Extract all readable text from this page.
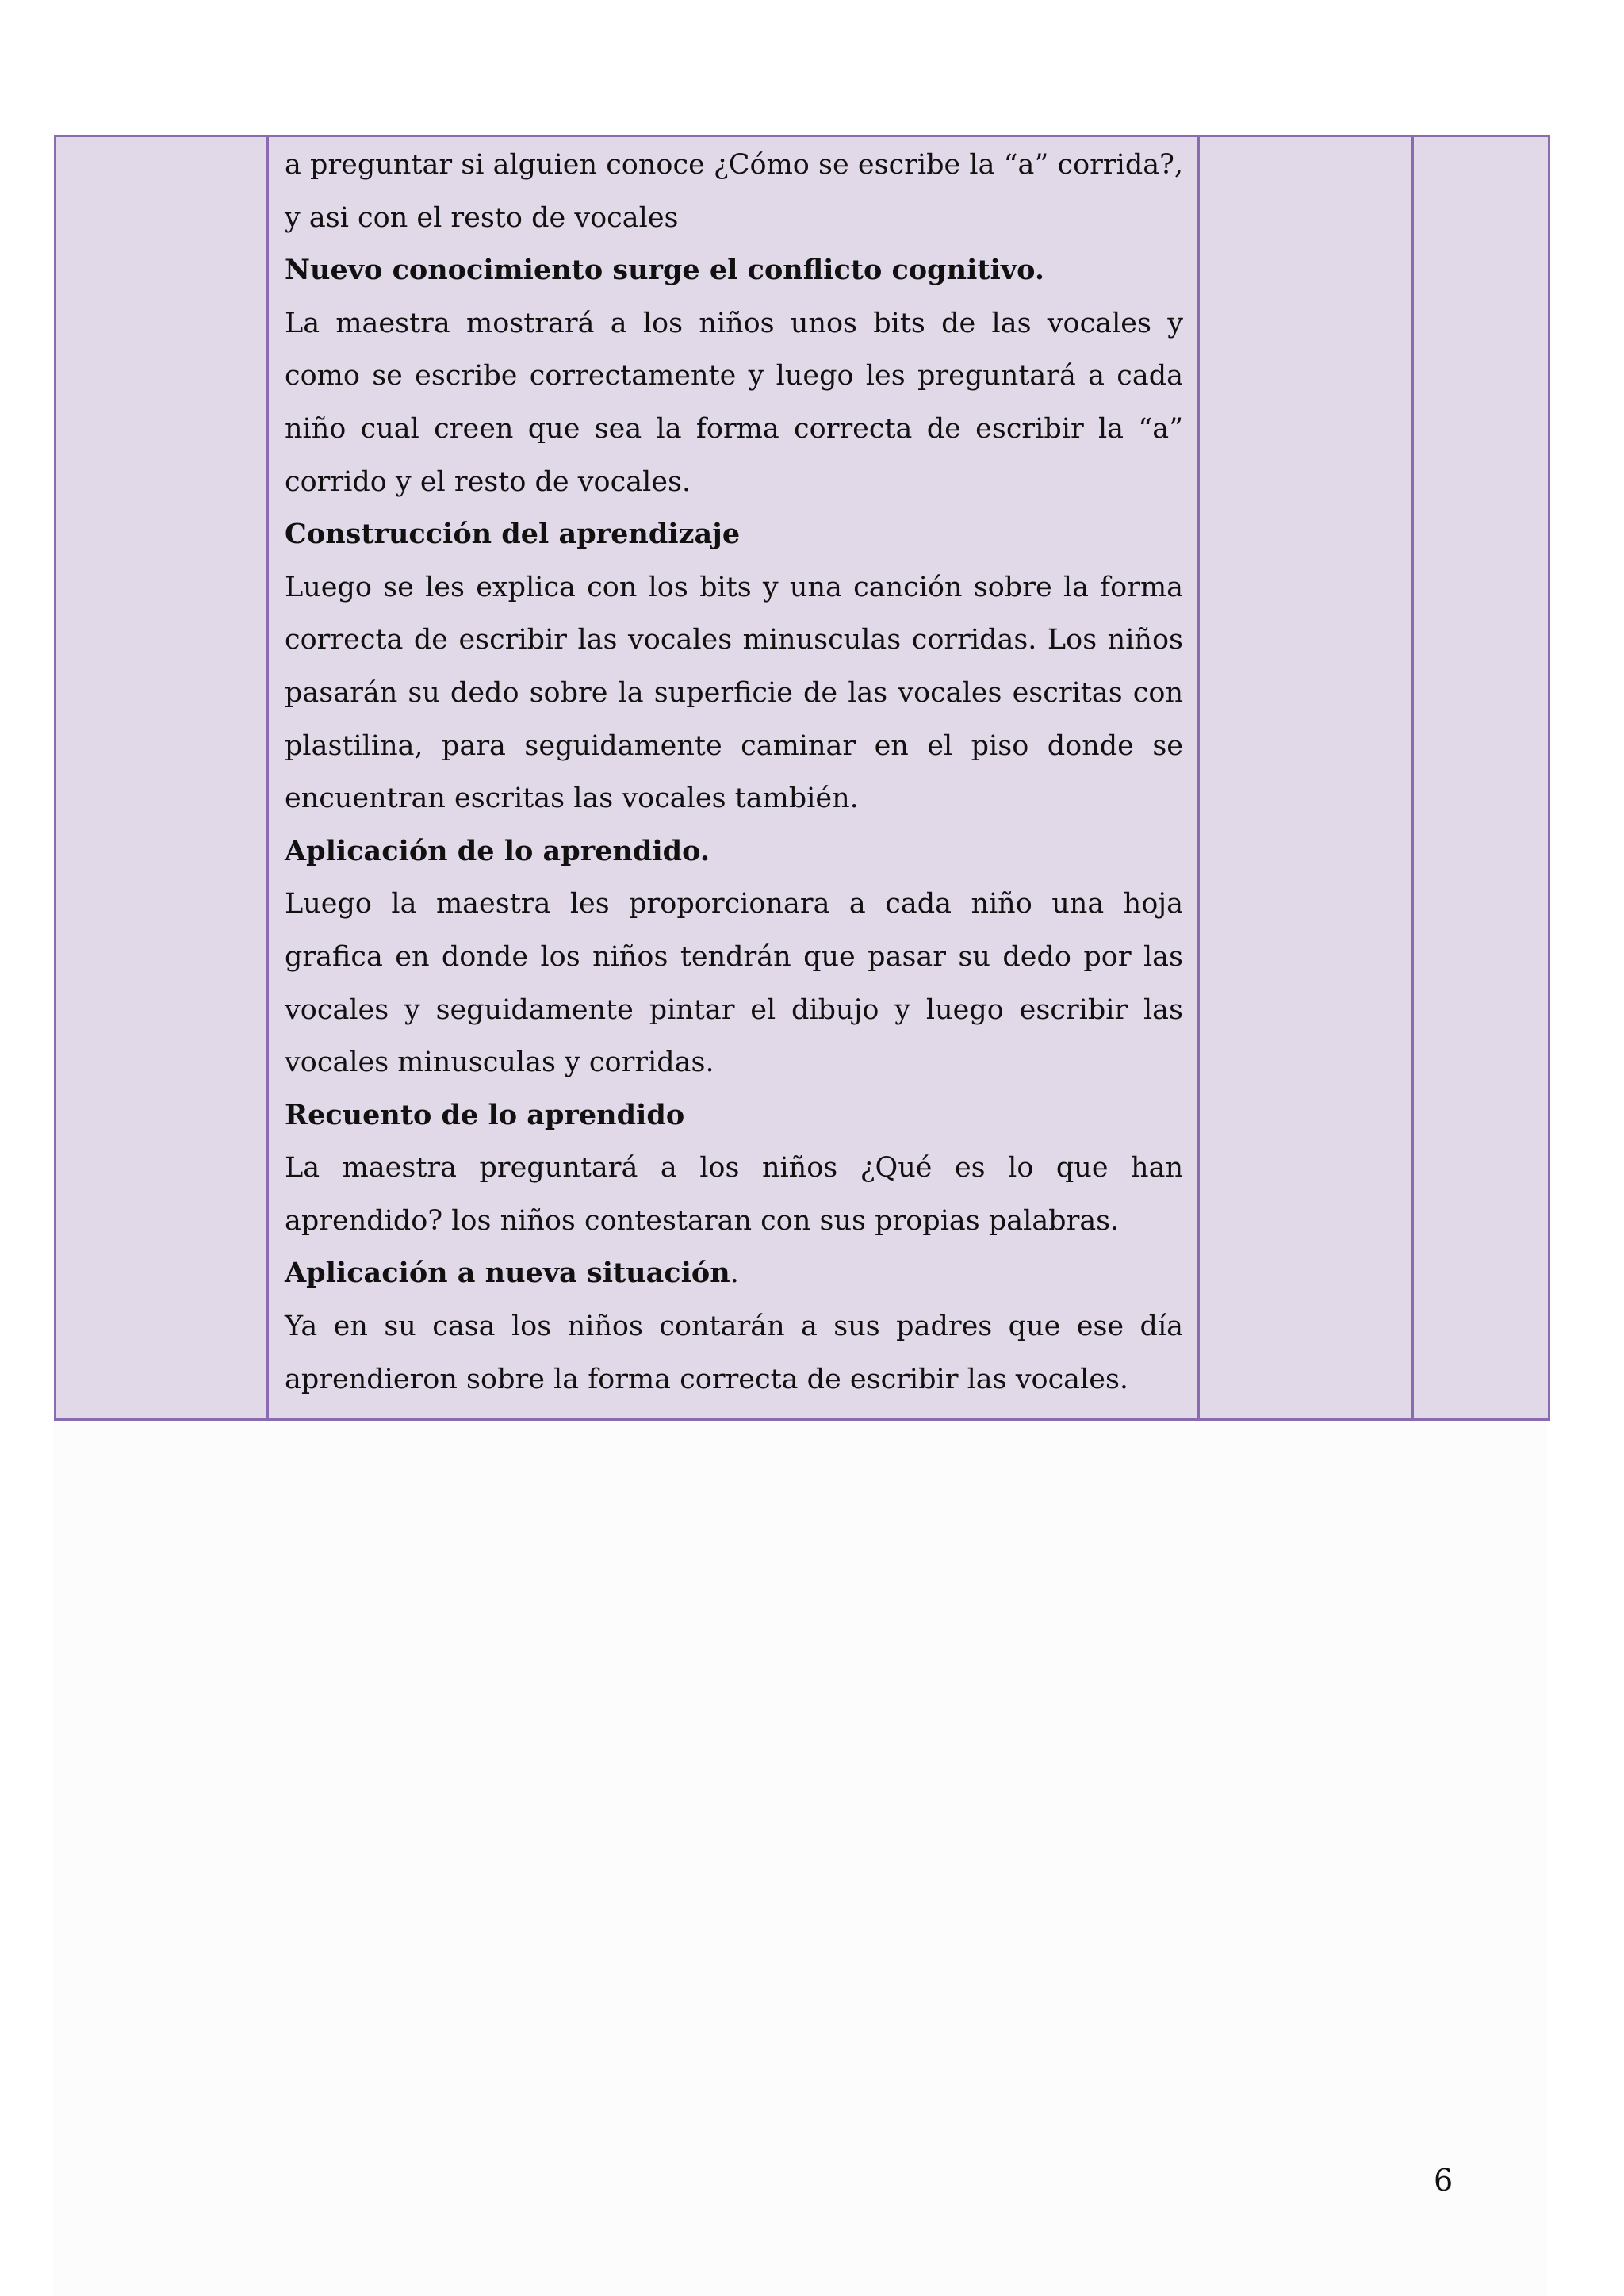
a preguntar si alguien conoce ¿Cómo se escribe la “a” corrida?, y asi con el resto de vocales

Nuevo conocimiento surge el conflicto cognitivo.

La maestra mostrará a los niños unos bits de las vocales y como se escribe correctamente y luego les preguntará a cada niño cual creen que sea la forma correcta de escribir la “a” corrido y el resto de vocales.

Construcción del aprendizaje

Luego se les explica con los bits y una canción sobre la forma correcta de escribir las vocales minusculas corridas. Los niños pasarán su dedo sobre la superficie de las vocales escritas con plastilina, para seguidamente caminar en el piso donde se encuentran escritas las vocales también.

Aplicación de lo aprendido.

Luego la maestra les proporcionara a cada niño una hoja grafica en donde los niños tendrán que pasar su dedo por las vocales y seguidamente pintar el dibujo y luego escribir las vocales minusculas y corridas.

Recuento de lo aprendido

La maestra preguntará a los niños ¿Qué es lo que han aprendido? los niños contestaran con sus propias palabras.

Aplicación a nueva situación.

Ya en su casa los niños contarán a sus padres que ese día aprendieron sobre la forma correcta de escribir las vocales.

6
